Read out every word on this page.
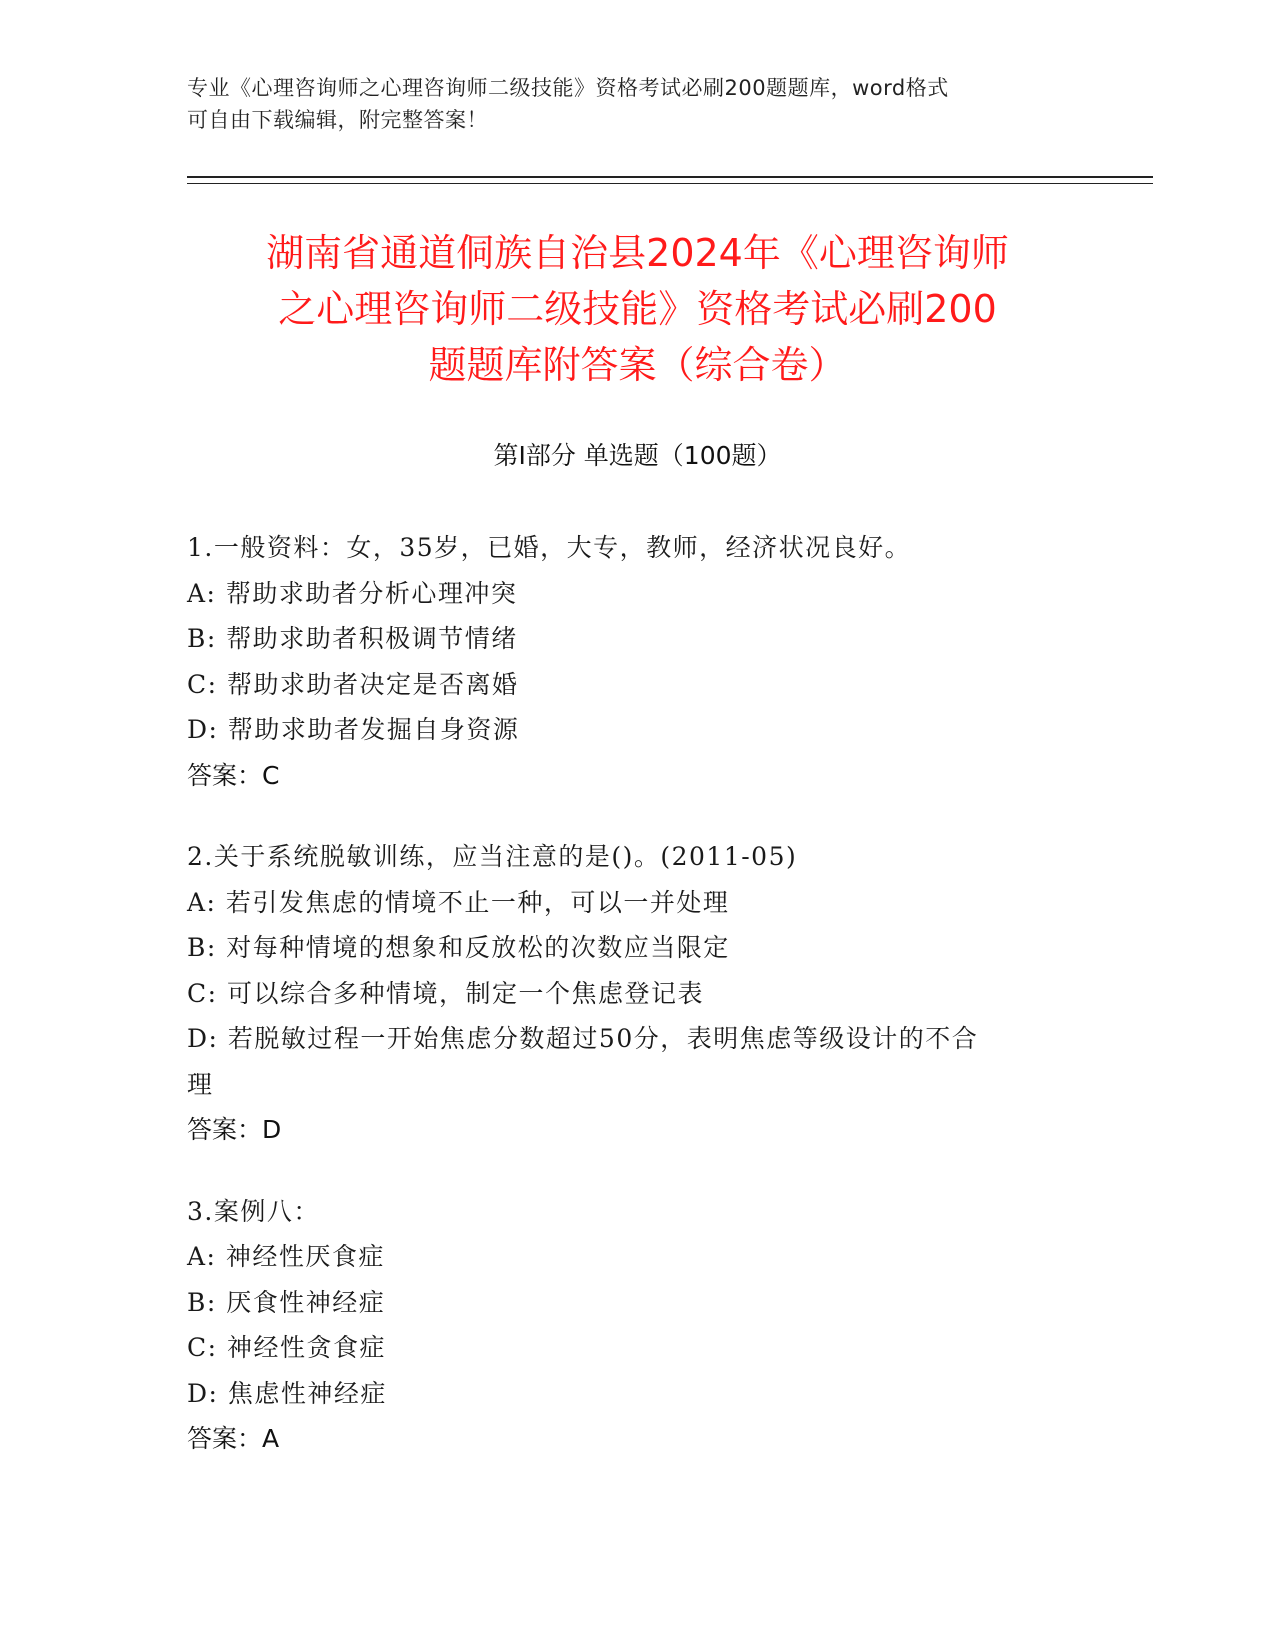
专业《心理咨询师之心理咨询师二级技能》资格考试必刷200题题库，word格式
可自由下载编辑，附完整答案！
湖南省通道侗族自治县2024年《心理咨询师
之心理咨询师二级技能》资格考试必刷200
题题库附答案（综合卷）
第Ⅰ部分 单选题（100题）
1.一般资料：女，35岁，已婚，大专，教师，经济状况良好。
A: 帮助求助者分析心理冲突
B: 帮助求助者积极调节情绪
C: 帮助求助者决定是否离婚
D: 帮助求助者发掘自身资源
答案：C
2.关于系统脱敏训练，应当注意的是()。(2011-05)
A: 若引发焦虑的情境不止一种，可以一并处理
B: 对每种情境的想象和反放松的次数应当限定
C: 可以综合多种情境，制定一个焦虑登记表
D: 若脱敏过程一开始焦虑分数超过50分，表明焦虑等级设计的不合
理
答案：D
3.案例八：
A: 神经性厌食症
B: 厌食性神经症
C: 神经性贪食症
D: 焦虑性神经症
答案：A
